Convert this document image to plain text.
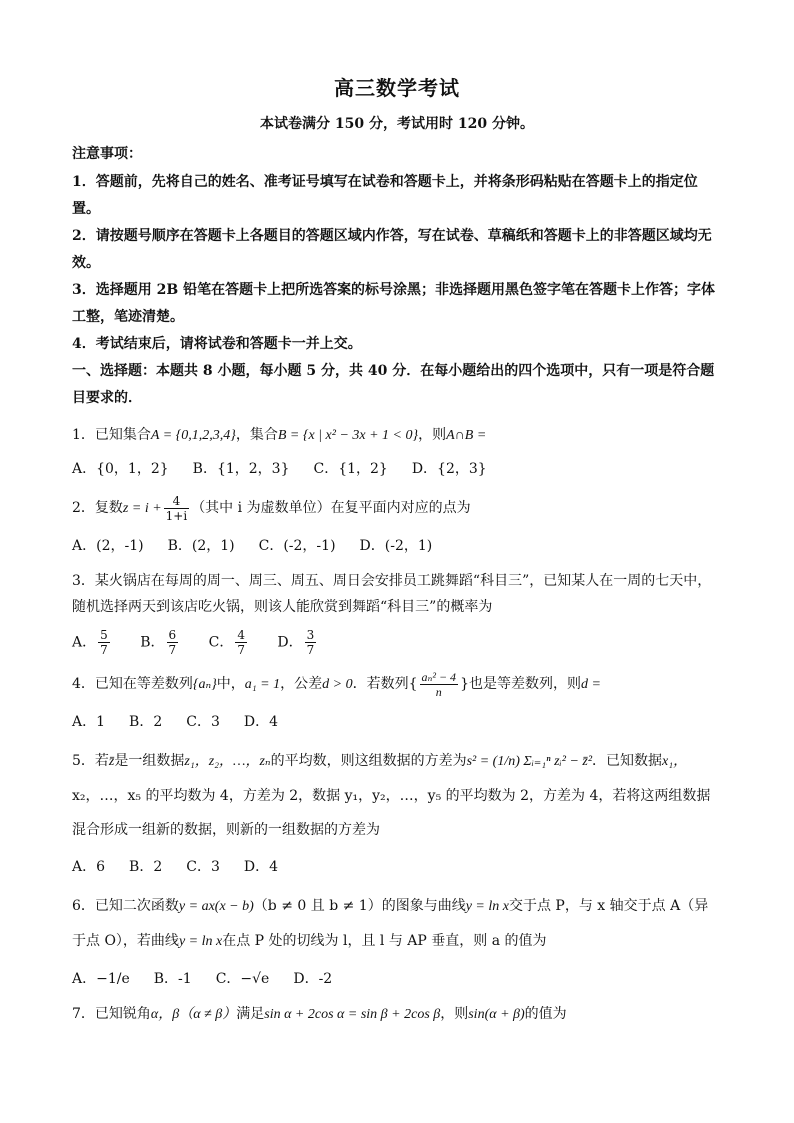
高三数学考试
本试卷满分 150 分，考试用时 120 分钟。
注意事项：

1．答题前，先将自己的姓名、准考证号填写在试卷和答题卡上，并将条形码粘贴在答题卡上的指定位置。

2．请按题号顺序在答题卡上各题目的答题区域内作答，写在试卷、草稿纸和答题卡上的非答题区域均无效。

3．选择题用 2B 铅笔在答题卡上把所选答案的标号涂黑；非选择题用黑色签字笔在答题卡上作答；字体工整，笔迹清楚。

4．考试结束后，请将试卷和答题卡一并上交。

一、选择题：本题共 8 小题，每小题 5 分，共 40 分．在每小题给出的四个选项中，只有一项是符合题目要求的．

1．已知集合A = {0,1,2,3,4}，集合B = {x | x² − 3x + 1 < 0}，则A∩B =
A．{0，1，2} B．{1，2，3} C．{1，2} D．{2，3}
2．复数$z = i + \frac{4}{1+i}$ （其中 i 为虚数单位）在复平面内对应的点为
A．(2，-1) B．(2，1) C．(-2，-1) D．(-2，1)
3．某火锅店在每周的周一、周三、周五、周日会安排员工跳舞蹈“科目三”，已知某人在一周的七天中，随机选择两天到该店吃火锅，则该人能欣赏到舞蹈“科目三”的概率为
A． $\frac{5}{7}$ B． $\frac{6}{7}$ C． $\frac{4}{7}$ D． $\frac{3}{7}$
4．已知在等差数列{aₙ}中，a₁ = 1，公差d > 0．若数列{ $\frac{\text{aₙ² − 4}}{n}$ }也是等差数列，则d =
A．1 B．2 C．3 D．4
5．若z̄是一组数据z₁，z₂，…，zₙ的平均数，则这组数据的方差为s² = (1/n) Σᵢ₌₁ⁿ zᵢ² − z̄²．已知数据x₁，
x₂，…，x₅ 的平均数为 4，方差为 2，数据 y₁，y₂，…，y₅ 的平均数为 2，方差为 4，若将这两组数据混合形成一组新的数据，则新的一组数据的方差为
A．6 B．2 C．3 D．4
6．已知二次函数y = ax(x − b)（b ≠ 0 且 b ≠ 1）的图象与曲线y = ln x交于点 P，与 x 轴交于点 A（异于点 O），若曲线y = ln x在点 P 处的切线为 l，且 l 与 AP 垂直，则 a 的值为
A．−1/e B．-1 C．−√e D．-2
7．已知锐角α，β（α ≠ β）满足sin α + 2cos α = sin β + 2cos β，则sin(α + β)的值为
